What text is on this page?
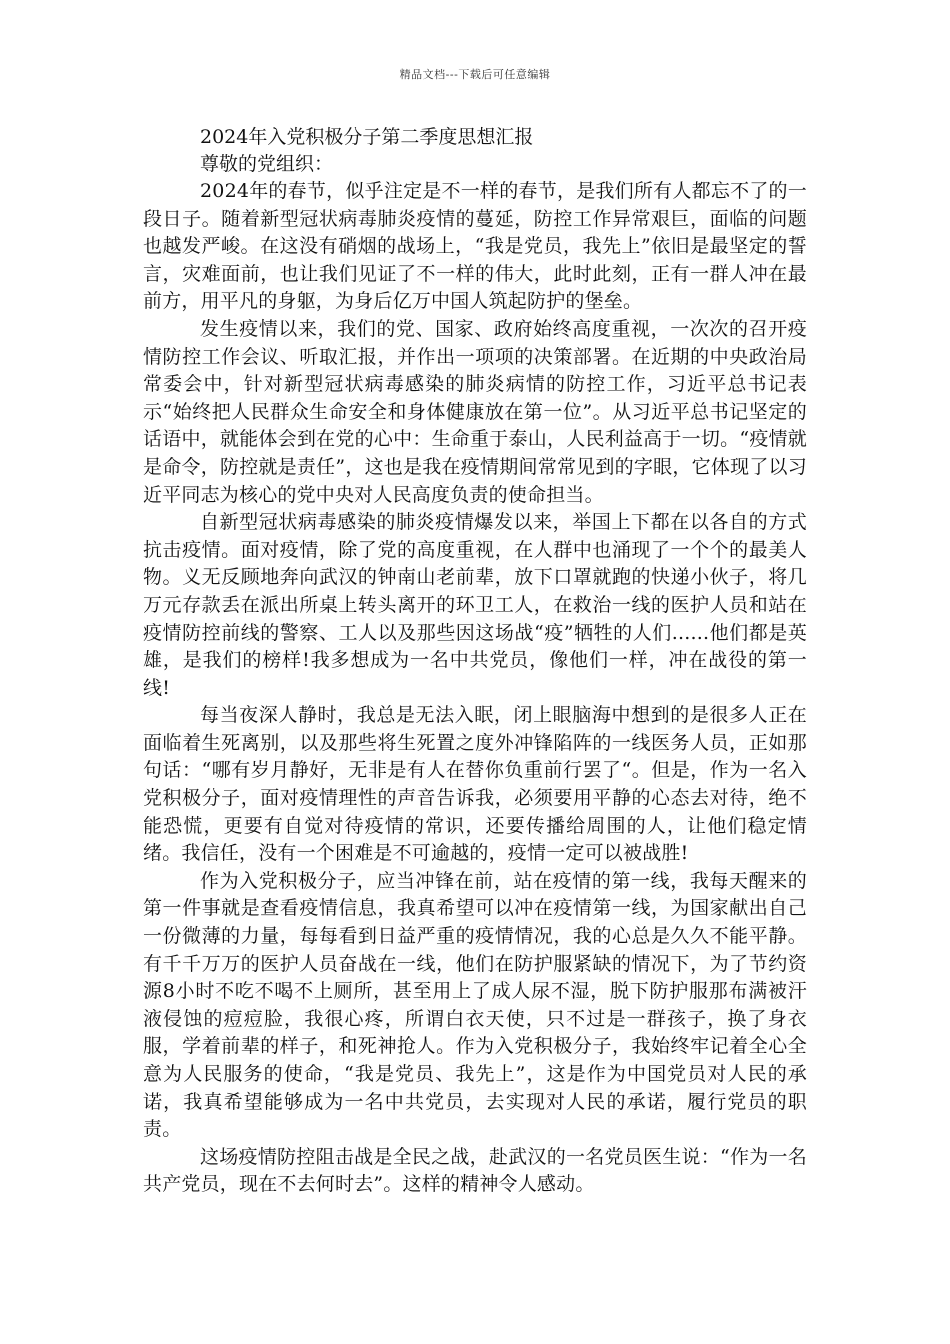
精品文档---下载后可任意编辑

2024年入党积极分子第二季度思想汇报

尊敬的党组织：

2024年的春节，似乎注定是不一样的春节，是我们所有人都忘不了的一段日子。随着新型冠状病毒肺炎疫情的蔓延，防控工作异常艰巨，面临的问题也越发严峻。在这没有硝烟的战场上，“我是党员，我先上”依旧是最坚定的誓言，灾难面前，也让我们见证了不一样的伟大，此时此刻，正有一群人冲在最前方，用平凡的身躯，为身后亿万中国人筑起防护的堡垒。

发生疫情以来，我们的党、国家、政府始终高度重视，一次次的召开疫情防控工作会议、听取汇报，并作出一项项的决策部署。在近期的中央政治局常委会中，针对新型冠状病毒感染的肺炎病情的防控工作，习近平总书记表示“始终把人民群众生命安全和身体健康放在第一位”。从习近平总书记坚定的话语中，就能体会到在党的心中：生命重于泰山，人民利益高于一切。“疫情就是命令，防控就是责任”，这也是我在疫情期间常常见到的字眼，它体现了以习近平同志为核心的党中央对人民高度负责的使命担当。

自新型冠状病毒感染的肺炎疫情爆发以来，举国上下都在以各自的方式抗击疫情。面对疫情，除了党的高度重视，在人群中也涌现了一个个的最美人物。义无反顾地奔向武汉的钟南山老前辈，放下口罩就跑的快递小伙子，将几万元存款丢在派出所桌上转头离开的环卫工人，在救治一线的医护人员和站在疫情防控前线的警察、工人以及那些因这场战“疫”牺牲的人们......他们都是英雄，是我们的榜样!我多想成为一名中共党员，像他们一样，冲在战役的第一线!

每当夜深人静时，我总是无法入眠，闭上眼脑海中想到的是很多人正在面临着生死离别，以及那些将生死置之度外冲锋陷阵的一线医务人员，正如那句话：“哪有岁月静好，无非是有人在替你负重前行罢了“。但是，作为一名入党积极分子，面对疫情理性的声音告诉我，必须要用平静的心态去对待，绝不能恐慌，更要有自觉对待疫情的常识，还要传播给周围的人，让他们稳定情绪。我信任，没有一个困难是不可逾越的，疫情一定可以被战胜!

作为入党积极分子，应当冲锋在前，站在疫情的第一线，我每天醒来的第一件事就是查看疫情信息，我真希望可以冲在疫情第一线，为国家献出自己一份微薄的力量，每每看到日益严重的疫情情况，我的心总是久久不能平静。有千千万万的医护人员奋战在一线，他们在防护服紧缺的情况下，为了节约资源8小时不吃不喝不上厕所，甚至用上了成人尿不湿，脱下防护服那布满被汗液侵蚀的痘痘脸，我很心疼，所谓白衣天使，只不过是一群孩子，换了身衣服，学着前辈的样子，和死神抢人。作为入党积极分子，我始终牢记着全心全意为人民服务的使命，“我是党员、我先上”，这是作为中国党员对人民的承诺，我真希望能够成为一名中共党员，去实现对人民的承诺，履行党员的职责。

这场疫情防控阻击战是全民之战，赴武汉的一名党员医生说：“作为一名共产党员，现在不去何时去”。这样的精神令人感动。
